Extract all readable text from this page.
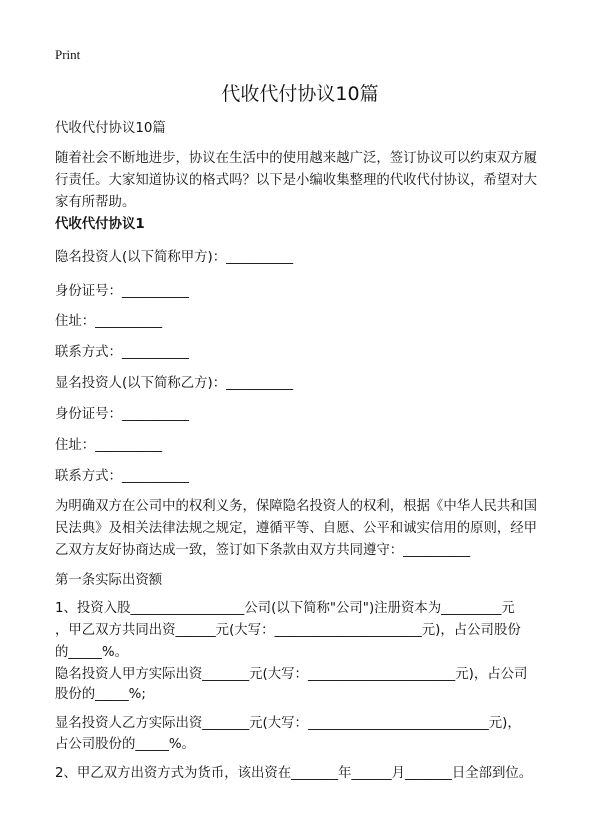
Print
代收代付协议10篇
代收代付协议10篇
随着社会不断地进步，协议在生活中的使用越来越广泛，签订协议可以约束双方履
行责任。大家知道协议的格式吗？以下是小编收集整理的代收代付协议，希望对大
家有所帮助。
代收代付协议1
隐名投资人(以下简称甲方)：__________
身份证号：__________
住址：__________
联系方式：__________
显名投资人(以下简称乙方)：__________
身份证号：__________
住址：__________
联系方式：__________
为明确双方在公司中的权利义务，保障隐名投资人的权利，根据《中华人民共和国
民法典》及相关法律法规之规定，遵循平等、自愿、公平和诚实信用的原则，经甲
乙双方友好协商达成一致，签订如下条款由双方共同遵守：__________
第一条实际出资额
1、投资入股_________________公司(以下简称"公司")注册资本为_________元
，甲乙双方共同出资______元(大写：______________________元)，占公司股份
的_____%。
隐名投资人甲方实际出资_______元(大写：______________________元)，占公司
股份的_____%;
显名投资人乙方实际出资_______元(大写：___________________________元)，
占公司股份的_____%。
2、甲乙双方出资方式为货币，该出资在_______年______月_______日全部到位。
